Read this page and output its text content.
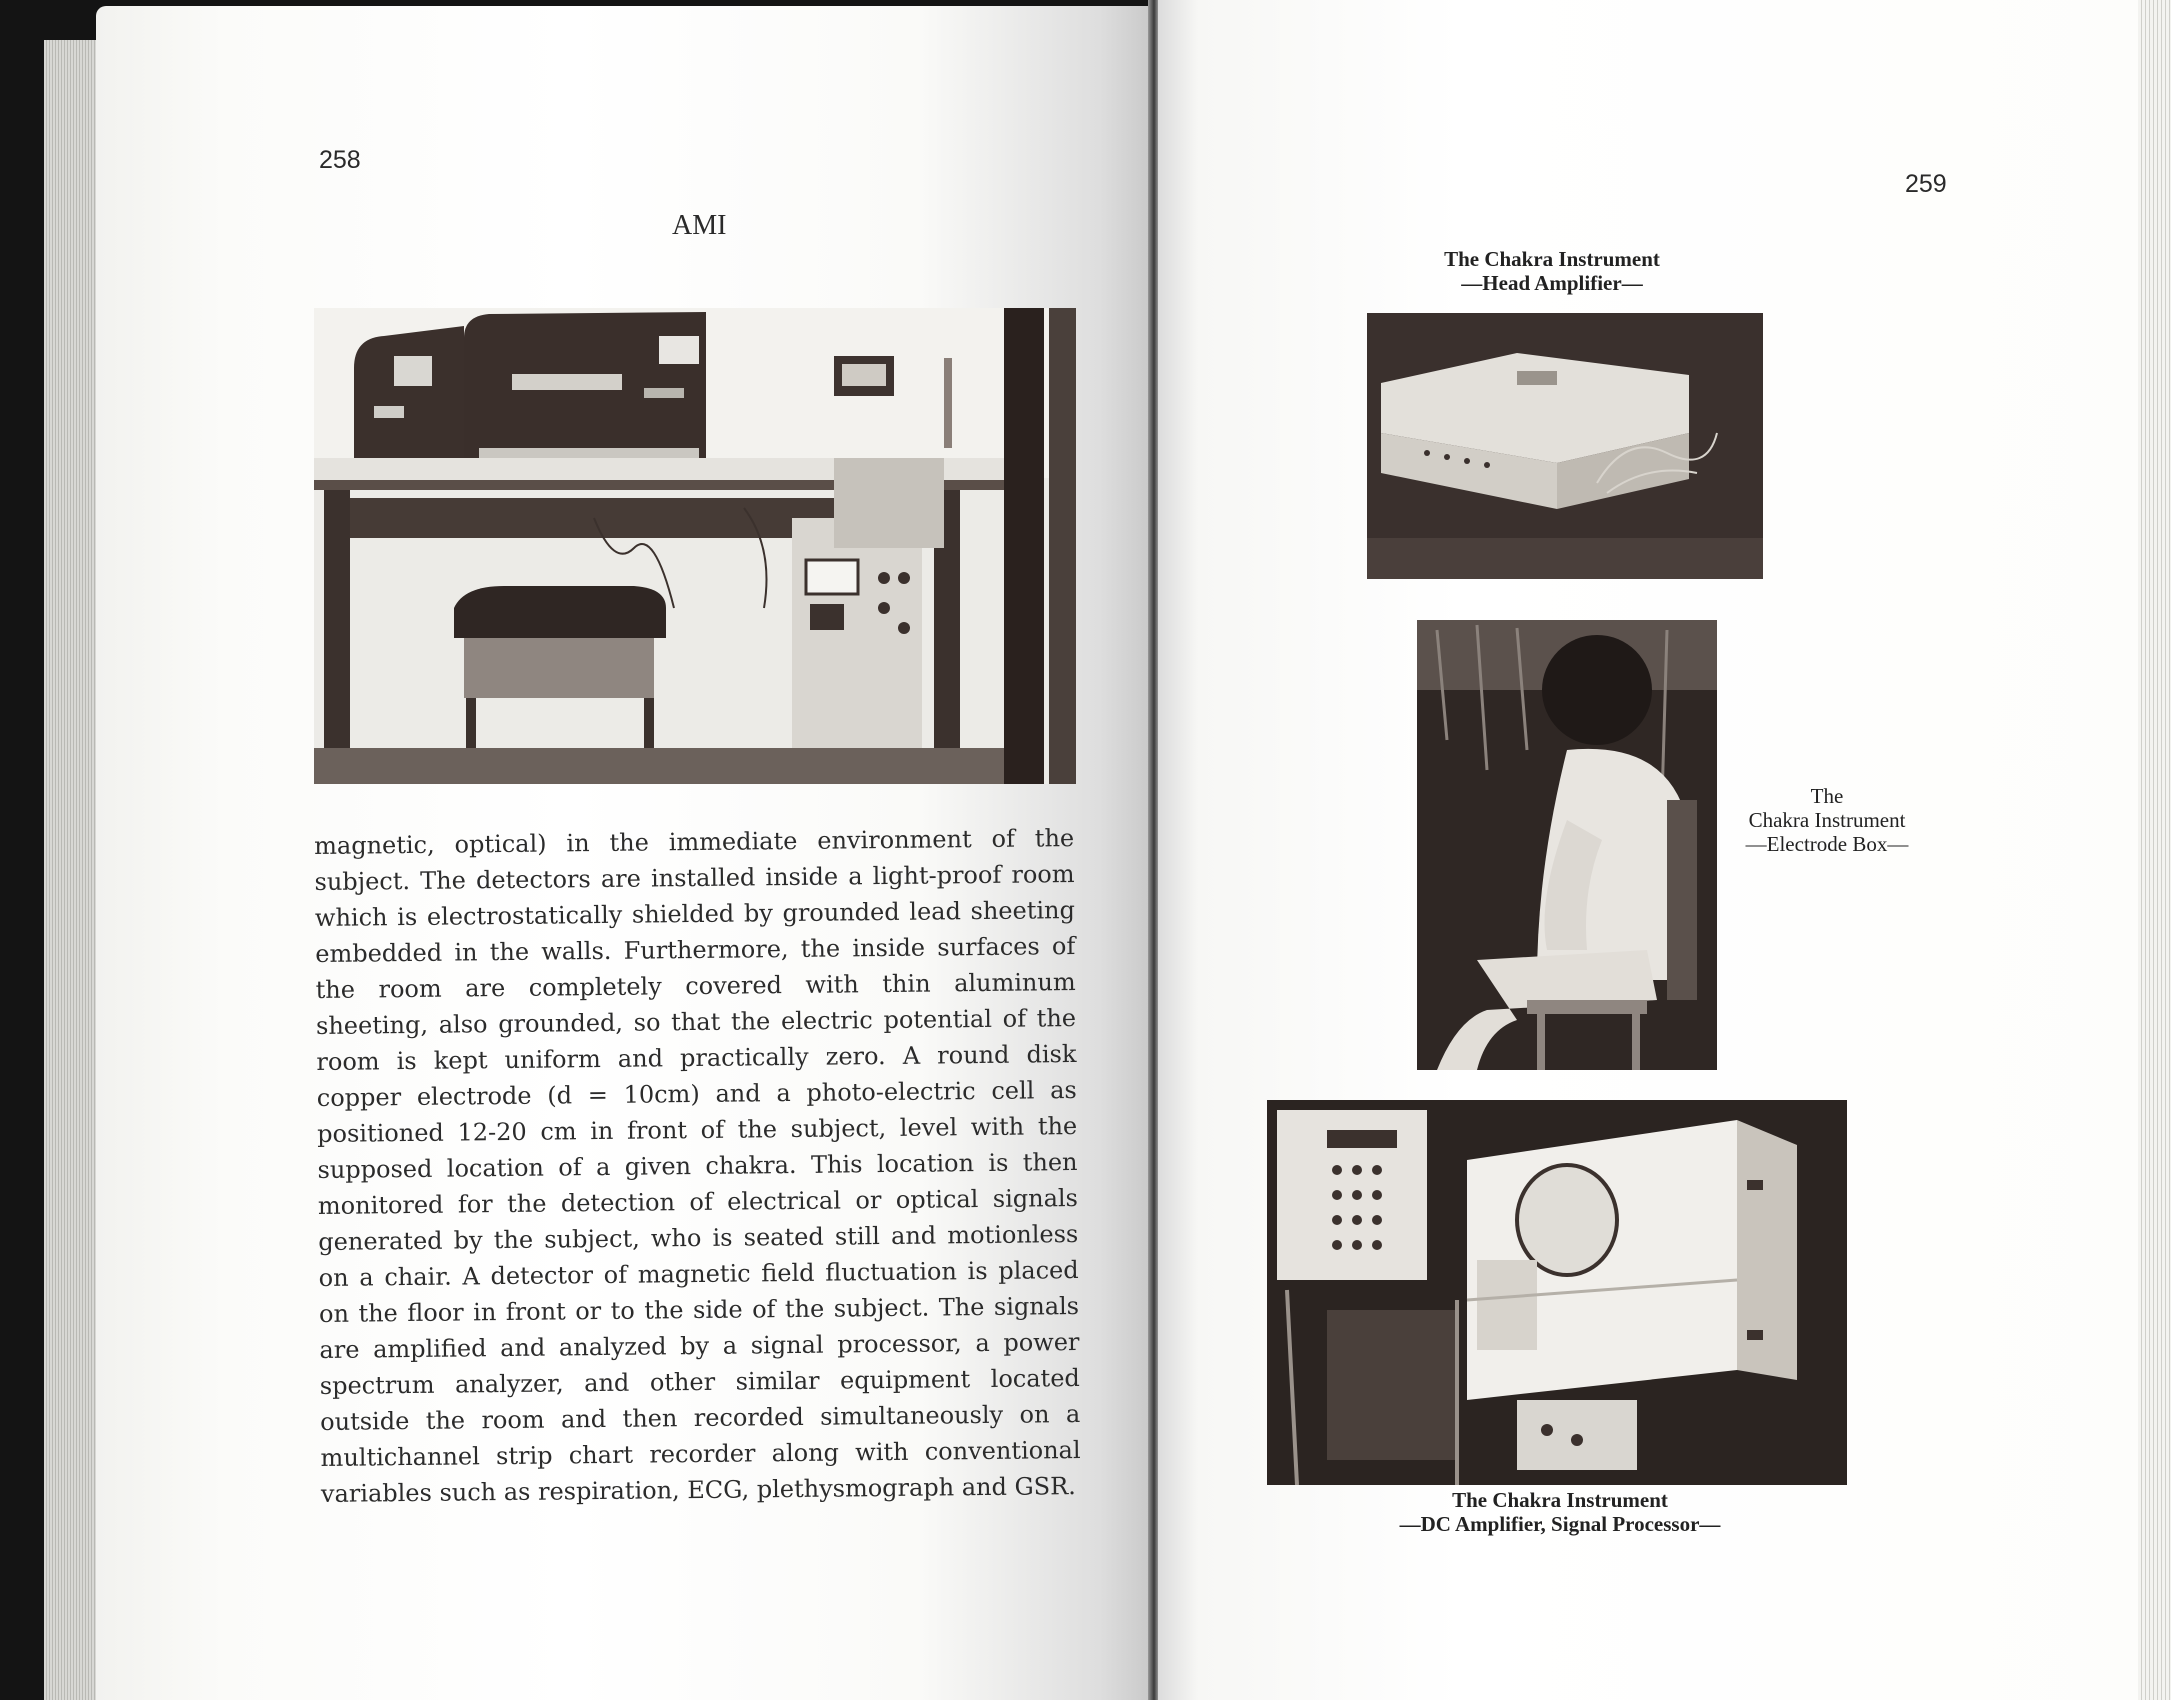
258
AMI

magnetic, optical) in the immediate environment of the subject. The detectors are installed inside a light-proof room which is electrostatically shielded by grounded lead sheeting embedded in the walls. Furthermore, the inside surfaces of the room are completely covered with thin aluminum sheeting, also grounded, so that the electric potential of the room is kept uniform and practically zero. A round disk copper electrode (d = 10cm) and a photo-electric cell as positioned 12-20 cm in front of the subject, level with the supposed location of a given chakra. This location is then monitored for the detection of electrical or optical signals generated by the subject, who is seated still and motionless on a chair. A detector of magnetic field fluctuation is placed on the floor in front or to the side of the subject. The signals are amplified and analyzed by a signal processor, a power spectrum analyzer, and other similar equipment located outside the room and then recorded simultaneously on a multichannel strip chart recorder along with conventional variables such as respiration, ECG, plethysmograph and GSR.

259
The Chakra Instrument
—Head Amplifier—
The
Chakra Instrument
—Electrode Box—
The Chakra Instrument
—DC Amplifier, Signal Processor—
